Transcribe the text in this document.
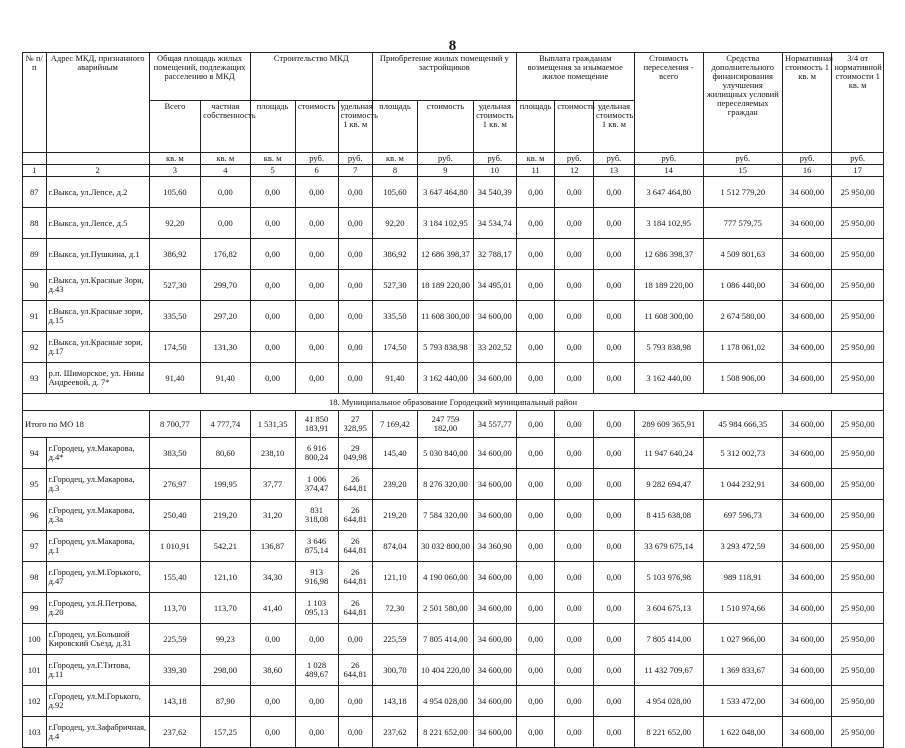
8
№ п/п	Адрес МКД, признанного аварийным	Общая площадь жилых помещений, подлежащих расселению в МКД		Строительство МКД			Приобретение жилых помещений у застройщиков			Выплата гражданам возмещения за изымаемое жилое помещение			Стоимость переселения - всего	Средства дополнительного финансирования улучшения жилищных условий переселяемых граждан	Нормативная стоимость 1 кв. м	3/4 от нормативной стоимости 1 кв. м
		Всего	частная собственность	площадь	стоимость	удельная стоимость 1 кв. м	площадь	стоимость	удельная стоимость 1 кв. м	площадь	стоимость	удельная стоимость 1 кв. м				
		кв. м	кв. м	кв. м	руб.	руб.	кв. м	руб.	руб.	кв. м	руб.	руб.	руб.	руб.	руб.	руб.
1	2	3	4	5	6	7	8	9	10	11	12	13	14	15	16	17
87	г.Выкса, ул.Лепсе, д.2	105,60	0,00	0,00	0,00	0,00	105,60	3 647 464,80	34 540,39	0,00	0,00	0,00	3 647 464,80	1 512 779,20	34 600,00	25 950,00
88	г.Выкса, ул.Лепсе, д.5	92,20	0,00	0,00	0,00	0,00	92,20	3 184 102,95	34 534,74	0,00	0,00	0,00	3 184 102,95	777 579,75	34 600,00	25 950,00
89	г.Выкса, ул.Пушкина, д.1	386,92	176,82	0,00	0,00	0,00	386,92	12 686 398,37	32 788,17	0,00	0,00	0,00	12 686 398,37	4 509 801,63	34 600,00	25 950,00
90	г.Выкса, ул.Красные Зори, д.43	527,30	299,70	0,00	0,00	0,00	527,30	18 189 220,00	34 495,01	0,00	0,00	0,00	18 189 220,00	1 086 440,00	34 600,00	25 950,00
91	г.Выкса, ул.Красные зори, д.15	335,50	297,20	0,00	0,00	0,00	335,50	11 608 300,00	34 600,00	0,00	0,00	0,00	11 608 300,00	2 674 580,00	34 600,00	25 950,00
92	г.Выкса, ул.Красные зори, д.17	174,50	131,30	0,00	0,00	0,00	174,50	5 793 838,98	33 202,52	0,00	0,00	0,00	5 793 838,98	1 178 061,02	34 600,00	25 950,00
93	р.п. Шиморское, ул. Нины Андреевой, д. 7*	91,40	91,40	0,00	0,00	0,00	91,40	3 162 440,00	34 600,00	0,00	0,00	0,00	3 162 440,00	1 508 906,00	34 600,00	25 950,00
18. Муниципальное образование Городецкий муниципальный район																
Итого по МО 18		8 700,77	4 777,74	1 531,35	41 850 183,91	27 328,95	7 169,42	247 759 182,00	34 557,77	0,00	0,00	0,00	289 609 365,91	45 984 666,35	34 600,00	25 950,00
94	г.Городец, ул.Макарова, д.4*	383,50	80,60	238,10	6 916 800,24	29 049,98	145,40	5 030 840,00	34 600,00	0,00	0,00	0,00	11 947 640,24	5 312 002,73	34 600,00	25 950,00
95	г.Городец, ул.Макарова, д.3	276,97	199,95	37,77	1 006 374,47	26 644,81	239,20	8 276 320,00	34 600,00	0,00	0,00	0,00	9 282 694,47	1 044 232,91	34 600,00	25 950,00
96	г.Городец, ул.Макарова, д.3а	250,40	219,20	31,20	831 318,08	26 644,81	219,20	7 584 320,00	34 600,00	0,00	0,00	0,00	8 415 638,08	697 596,73	34 600,00	25 950,00
97	г.Городец, ул.Макарова, д.1	1 010,91	542,21	136,87	3 646 875,14	26 644,81	874,04	30 032 800,00	34 360,90	0,00	0,00	0,00	33 679 675,14	3 293 472,59	34 600,00	25 950,00
98	г.Городец, ул.М.Горького, д.47	155,40	121,10	34,30	913 916,98	26 644,81	121,10	4 190 060,00	34 600,00	0,00	0,00	0,00	5 103 976,98	989 118,91	34 600,00	25 950,00
99	г.Городец, ул.Я.Петрова, д.20	113,70	113,70	41,40	1 103 095,13	26 644,81	72,30	2 501 580,00	34 600,00	0,00	0,00	0,00	3 604 675,13	1 510 974,66	34 600,00	25 950,00
100	г.Городец, ул.Большой Кировский Съезд, д.31	225,59	99,23	0,00	0,00	0,00	225,59	7 805 414,00	34 600,00	0,00	0,00	0,00	7 805 414,00	1 027 966,00	34 600,00	25 950,00
101	г.Городец, ул.Г.Титова, д.11	339,30	298,00	38,60	1 028 489,67	26 644,81	300,70	10 404 220,00	34 600,00	0,00	0,00	0,00	11 432 709,67	1 369 833,67	34 600,00	25 950,00
102	г.Городец, ул.М.Горького, д.92	143,18	87,90	0,00	0,00	0,00	143,18	4 954 028,00	34 600,00	0,00	0,00	0,00	4 954 028,00	1 533 472,00	34 600,00	25 950,00
103	г.Городец, ул.Зафабричная, д.4	237,62	157,25	0,00	0,00	0,00	237,62	8 221 652,00	34 600,00	0,00	0,00	0,00	8 221 652,00	1 622 048,00	34 600,00	25 950,00
